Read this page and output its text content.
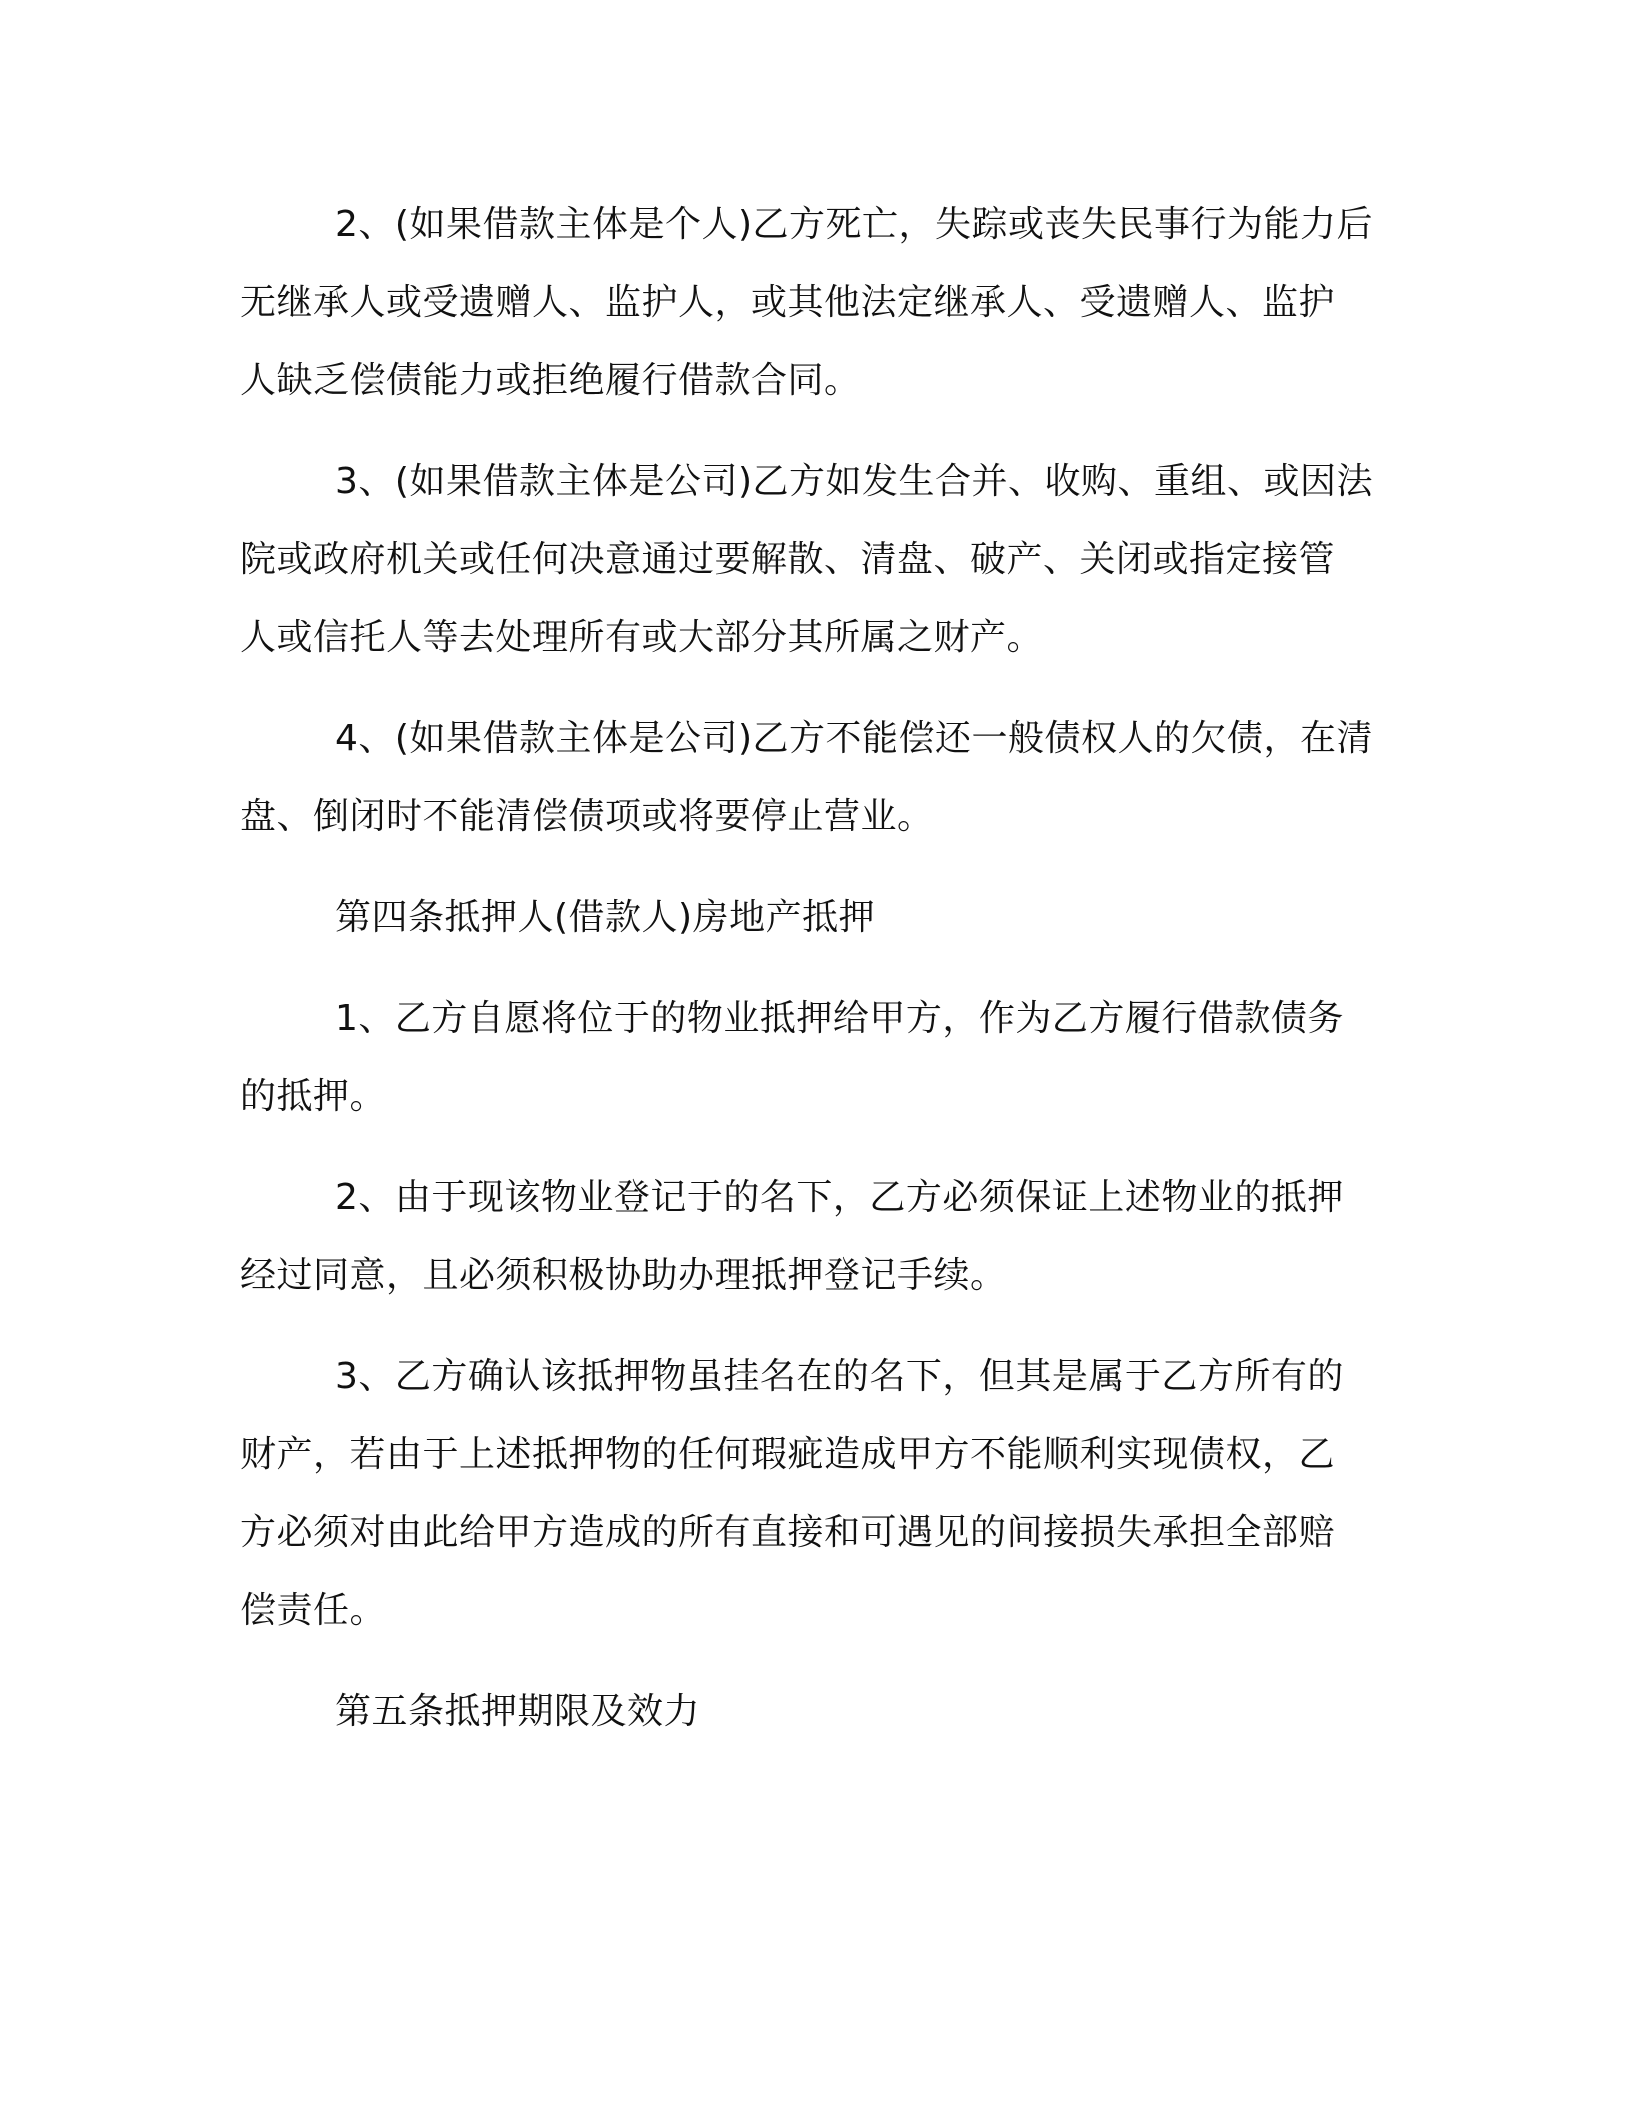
2、(如果借款主体是个人)乙方死亡，失踪或丧失民事行为能力后
无继承人或受遗赠人、监护人，或其他法定继承人、受遗赠人、监护
人缺乏偿债能力或拒绝履行借款合同。
3、(如果借款主体是公司)乙方如发生合并、收购、重组、或因法
院或政府机关或任何决意通过要解散、清盘、破产、关闭或指定接管
人或信托人等去处理所有或大部分其所属之财产。
4、(如果借款主体是公司)乙方不能偿还一般债权人的欠债，在清
盘、倒闭时不能清偿债项或将要停止营业。
第四条抵押人(借款人)房地产抵押
1、乙方自愿将位于的物业抵押给甲方，作为乙方履行借款债务
的抵押。
2、由于现该物业登记于的名下，乙方必须保证上述物业的抵押
经过同意，且必须积极协助办理抵押登记手续。
3、乙方确认该抵押物虽挂名在的名下，但其是属于乙方所有的
财产，若由于上述抵押物的任何瑕疵造成甲方不能顺利实现债权，乙
方必须对由此给甲方造成的所有直接和可遇见的间接损失承担全部赔
偿责任。
第五条抵押期限及效力
